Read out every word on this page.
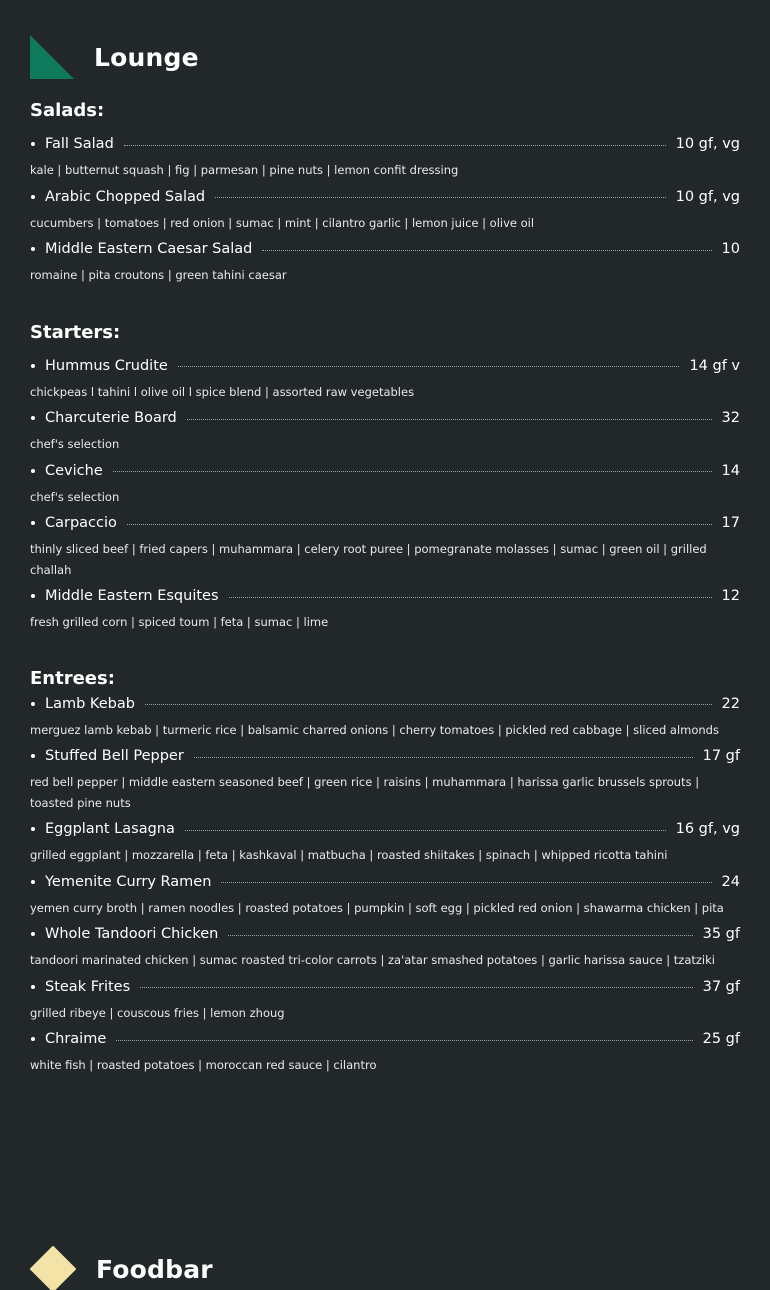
Lounge
Salads:
Fall Salad	10 gf, vg
kale | butternut squash | fig | parmesan | pine nuts | lemon confit dressing
Arabic Chopped Salad	10 gf, vg
cucumbers | tomatoes | red onion | sumac | mint | cilantro garlic | lemon juice | olive oil
Middle Eastern Caesar Salad	10
romaine | pita croutons | green tahini caesar
Starters:
Hummus Crudite	14 gf v
chickpeas l tahini l olive oil l spice blend | assorted raw vegetables
Charcuterie Board	32
chef's selection
Ceviche	14
chef's selection
Carpaccio	17
thinly sliced beef | fried capers | muhammara | celery root puree | pomegranate molasses | sumac | green oil | grilled challah
Middle Eastern Esquites	12
fresh grilled corn | spiced toum | feta | sumac | lime
Entrees:
Lamb Kebab	22
merguez lamb kebab | turmeric rice | balsamic charred onions | cherry tomatoes | pickled red cabbage | sliced almonds
Stuffed Bell Pepper	17 gf
red bell pepper | middle eastern seasoned beef | green rice | raisins | muhammara | harissa garlic brussels sprouts | toasted pine nuts
Eggplant Lasagna	16 gf, vg
grilled eggplant | mozzarella | feta | kashkaval | matbucha | roasted shiitakes | spinach | whipped ricotta tahini
Yemenite Curry Ramen	24
yemen curry broth | ramen noodles | roasted potatoes | pumpkin | soft egg | pickled red onion | shawarma chicken | pita
Whole Tandoori Chicken	35 gf
tandoori marinated chicken | sumac roasted tri-color carrots | za'atar smashed potatoes | garlic harissa sauce | tzatziki
Steak Frites	37 gf
grilled ribeye | couscous fries | lemon zhoug
Chraime	25 gf
white fish | roasted potatoes | moroccan red sauce | cilantro
Foodbar
